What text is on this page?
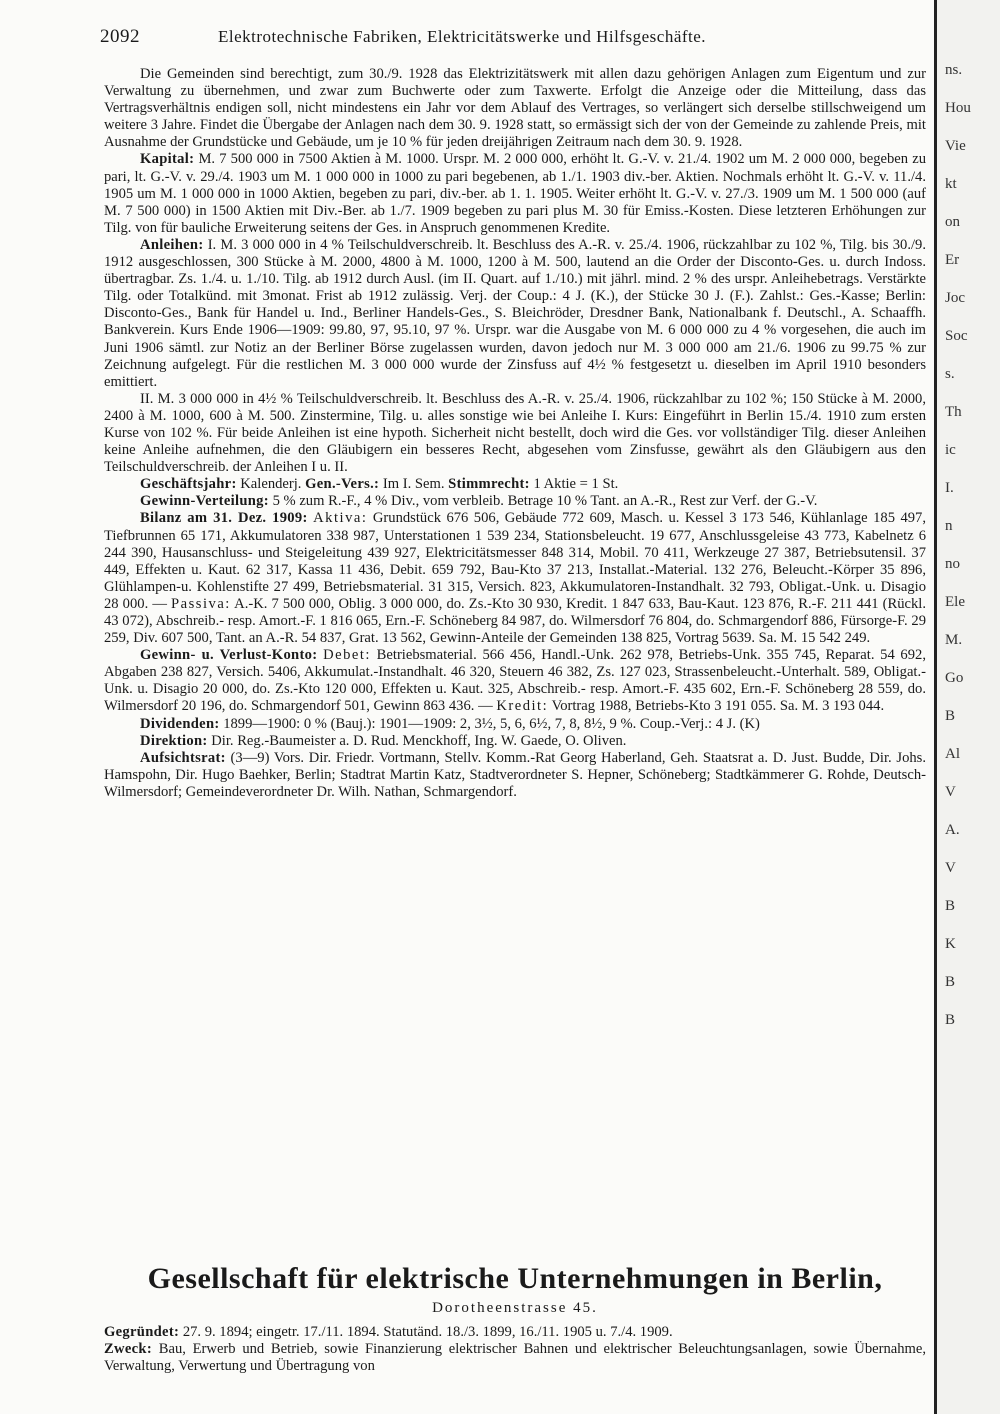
2092	Elektrotechnische Fabriken, Elektricitätswerke und Hilfsgeschäfte.

Die Gemeinden sind berechtigt, zum 30./9. 1928 das Elektrizitätswerk mit allen dazu gehörigen Anlagen zum Eigentum und zur Verwaltung zu übernehmen, und zwar zum Buchwerte oder zum Taxwerte. Erfolgt die Anzeige oder die Mitteilung, dass das Vertragsverhältnis endigen soll, nicht mindestens ein Jahr vor dem Ablauf des Vertrages, so verlängert sich derselbe stillschweigend um weitere 3 Jahre. Findet die Übergabe der Anlagen nach dem 30. 9. 1928 statt, so ermässigt sich der von der Gemeinde zu zahlende Preis, mit Ausnahme der Grundstücke und Gebäude, um je 10 % für jeden dreijährigen Zeitraum nach dem 30. 9. 1928.

Kapital: M. 7 500 000 in 7500 Aktien à M. 1000. Urspr. M. 2 000 000, erhöht lt. G.-V. v. 21./4. 1902 um M. 2 000 000, begeben zu pari, lt. G.-V. v. 29./4. 1903 um M. 1 000 000 in 1000 zu pari begebenen, ab 1./1. 1903 div.-ber. Aktien. Nochmals erhöht lt. G.-V. v. 11./4. 1905 um M. 1 000 000 in 1000 Aktien, begeben zu pari, div.-ber. ab 1. 1. 1905. Weiter erhöht lt. G.-V. v. 27./3. 1909 um M. 1 500 000 (auf M. 7 500 000) in 1500 Aktien mit Div.-Ber. ab 1./7. 1909 begeben zu pari plus M. 30 für Emiss.-Kosten. Diese letzteren Erhöhungen zur Tilg. von für bauliche Erweiterung seitens der Ges. in Anspruch genommenen Kredite.

Anleihen: I. M. 3 000 000 in 4 % Teilschuldverschreib. lt. Beschluss des A.-R. v. 25./4. 1906, rückzahlbar zu 102 %, Tilg. bis 30./9. 1912 ausgeschlossen, 300 Stücke à M. 2000, 4800 à M. 1000, 1200 à M. 500, lautend an die Order der Disconto-Ges. u. durch Indoss. übertragbar. Zs. 1./4. u. 1./10. Tilg. ab 1912 durch Ausl. (im II. Quart. auf 1./10.) mit jährl. mind. 2 % des urspr. Anleihebetrags. Verstärkte Tilg. oder Totalkünd. mit 3monat. Frist ab 1912 zulässig. Verj. der Coup.: 4 J. (K.), der Stücke 30 J. (F.). Zahlst.: Ges.-Kasse; Berlin: Disconto-Ges., Bank für Handel u. Ind., Berliner Handels-Ges., S. Bleichröder, Dresdner Bank, Nationalbank f. Deutschl., A. Schaaffh. Bankverein. Kurs Ende 1906—1909: 99.80, 97, 95.10, 97 %. Urspr. war die Ausgabe von M. 6 000 000 zu 4 % vorgesehen, die auch im Juni 1906 sämtl. zur Notiz an der Berliner Börse zugelassen wurden, davon jedoch nur M. 3 000 000 am 21./6. 1906 zu 99.75 % zur Zeichnung aufgelegt. Für die restlichen M. 3 000 000 wurde der Zinsfuss auf 4½ % festgesetzt u. dieselben im April 1910 besonders emittiert.

II. M. 3 000 000 in 4½ % Teilschuldverschreib. lt. Beschluss des A.-R. v. 25./4. 1906, rückzahlbar zu 102 %; 150 Stücke à M. 2000, 2400 à M. 1000, 600 à M. 500. Zinstermine, Tilg. u. alles sonstige wie bei Anleihe I. Kurs: Eingeführt in Berlin 15./4. 1910 zum ersten Kurse von 102 %. Für beide Anleihen ist eine hypoth. Sicherheit nicht bestellt, doch wird die Ges. vor vollständiger Tilg. dieser Anleihen keine Anleihe aufnehmen, die den Gläubigern ein besseres Recht, abgesehen vom Zinsfusse, gewährt als den Gläubigern aus den Teilschuldverschreib. der Anleihen I u. II.

Geschäftsjahr: Kalenderj. Gen.-Vers.: Im I. Sem. Stimmrecht: 1 Aktie = 1 St.

Gewinn-Verteilung: 5 % zum R.-F., 4 % Div., vom verbleib. Betrage 10 % Tant. an A.-R., Rest zur Verf. der G.-V.

Bilanz am 31. Dez. 1909: Aktiva: Grundstück 676 506, Gebäude 772 609, Masch. u. Kessel 3 173 546, Kühlanlage 185 497, Tiefbrunnen 65 171, Akkumulatoren 338 987, Unterstationen 1 539 234, Stationsbeleucht. 19 677, Anschlussgeleise 43 773, Kabelnetz 6 244 390, Hausanschluss- und Steigeleitung 439 927, Elektricitätsmesser 848 314, Mobil. 70 411, Werkzeuge 27 387, Betriebsutensil. 37 449, Effekten u. Kaut. 62 317, Kassa 11 436, Debit. 659 792, Bau-Kto 37 213, Installat.-Material. 132 276, Beleucht.-Körper 35 896, Glühlampen-u. Kohlenstifte 27 499, Betriebsmaterial. 31 315, Versich. 823, Akkumulatoren-Instandhalt. 32 793, Obligat.-Unk. u. Disagio 28 000. — Passiva: A.-K. 7 500 000, Oblig. 3 000 000, do. Zs.-Kto 30 930, Kredit. 1 847 633, Bau-Kaut. 123 876, R.-F. 211 441 (Rückl. 43 072), Abschreib.- resp. Amort.-F. 1 816 065, Ern.-F. Schöneberg 84 987, do. Wilmersdorf 76 804, do. Schmargendorf 886, Fürsorge-F. 29 259, Div. 607 500, Tant. an A.-R. 54 837, Grat. 13 562, Gewinn-Anteile der Gemeinden 138 825, Vortrag 5639. Sa. M. 15 542 249.

Gewinn- u. Verlust-Konto: Debet: Betriebsmaterial. 566 456, Handl.-Unk. 262 978, Betriebs-Unk. 355 745, Reparat. 54 692, Abgaben 238 827, Versich. 5406, Akkumulat.-Instandhalt. 46 320, Steuern 46 382, Zs. 127 023, Strassenbeleucht.-Unterhalt. 589, Obligat.-Unk. u. Disagio 20 000, do. Zs.-Kto 120 000, Effekten u. Kaut. 325, Abschreib.- resp. Amort.-F. 435 602, Ern.-F. Schöneberg 28 559, do. Wilmersdorf 20 196, do. Schmargendorf 501, Gewinn 863 436. — Kredit: Vortrag 1988, Betriebs-Kto 3 191 055. Sa. M. 3 193 044.

Dividenden: 1899—1900: 0 % (Bauj.): 1901—1909: 2, 3½, 5, 6, 6½, 7, 8, 8½, 9 %. Coup.-Verj.: 4 J. (K)

Direktion: Dir. Reg.-Baumeister a. D. Rud. Menckhoff, Ing. W. Gaede, O. Oliven.

Aufsichtsrat: (3—9) Vors. Dir. Friedr. Vortmann, Stellv. Komm.-Rat Georg Haberland, Geh. Staatsrat a. D. Just. Budde, Dir. Johs. Hamspohn, Dir. Hugo Baehker, Berlin; Stadtrat Martin Katz, Stadtverordneter S. Hepner, Schöneberg; Stadtkämmerer G. Rohde, Deutsch-Wilmersdorf; Gemeindeverordneter Dr. Wilh. Nathan, Schmargendorf.

Gesellschaft für elektrische Unternehmungen in Berlin,
Dorotheenstrasse 45.

Gegründet: 27. 9. 1894; eingetr. 17./11. 1894. Statutänd. 18./3. 1899, 16./11. 1905 u. 7./4. 1909.

Zweck: Bau, Erwerb und Betrieb, sowie Finanzierung elektrischer Bahnen und elektrischer Beleuchtungsanlagen, sowie Übernahme, Verwaltung, Verwertung und Übertragung von

ns.
Hou
Vie
kt
on
Er
Joc
Soc
s.
Th
ic
I.
n
no
Ele
M.
Go
B
Al
V
A.
V
B
K
B
B
